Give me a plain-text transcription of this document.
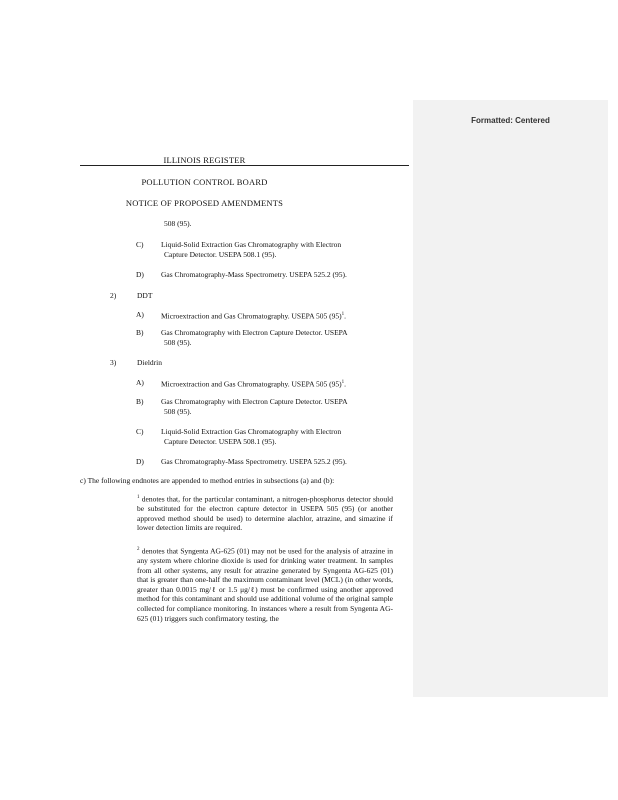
Formatted: Centered
ILLINOIS REGISTER
POLLUTION CONTROL BOARD
NOTICE OF PROPOSED AMENDMENTS
508 (95).
C) Liquid-Solid Extraction Gas Chromatography with Electron
Capture Detector. USEPA 508.1 (95).
D) Gas Chromatography-Mass Spectrometry. USEPA 525.2 (95).
2)	DDT
A) Microextraction and Gas Chromatography. USEPA 505 $(95)^1$.
B) Gas Chromatography with Electron Capture Detector. USEPA
508 (95).
3)	Dieldrin
A) Microextraction and Gas Chromatography. USEPA 505 $(95)^1$.
B) Gas Chromatography with Electron Capture Detector. USEPA
508 (95).
C) Liquid-Solid Extraction Gas Chromatography with Electron
Capture Detector. USEPA 508.1 (95).
D) Gas Chromatography-Mass Spectrometry. USEPA 525.2 (95).
c) The following endnotes are appended to method entries in subsections (a) and (b):
$^1$ denotes that, for the particular contaminant, a nitrogen-phosphorus detector should be substituted for the electron capture detector in USEPA 505 (95) (or another approved method should be used) to determine alachlor, atrazine, and simazine if lower detection limits are required.
$^2$ denotes that Syngenta AG-625 (01) may not be used for the analysis of atrazine in any system where chlorine dioxide is used for drinking water treatment. In samples from all other systems, any result for atrazine generated by Syngenta AG-625 (01) that is greater than one-half the maximum contaminant level (MCL) (in other words, greater than 0.0015 mg/ℓ or 1.5 μg/ℓ) must be confirmed using another approved method for this contaminant and should use additional volume of the original sample collected for compliance monitoring. In instances where a result from Syngenta AG-625 (01) triggers such confirmatory testing, the
